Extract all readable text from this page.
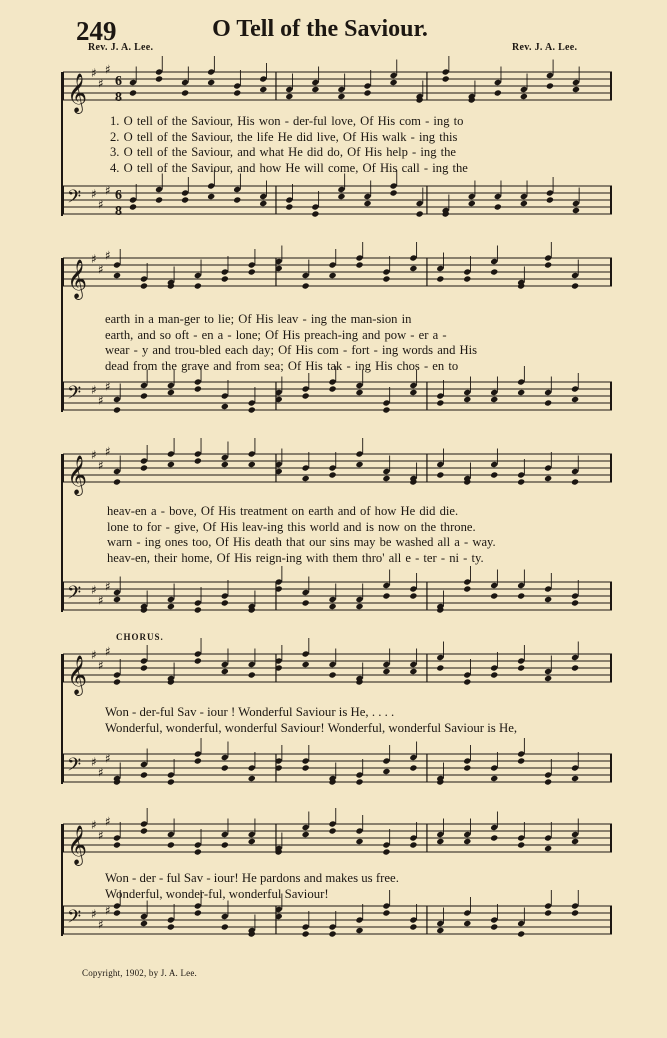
249	O Tell of the Saviour.
Rev. J. A. Lee.	Rev. J. A. Lee.
𝄞 ♯
♯
♯
6
8
1. O tell of the Saviour, His won - der-ful love, Of His com - ing to
2. O tell of the Saviour, the life He did live, Of His walk - ing this
3. O tell of the Saviour, and what He did do, Of His help - ing the
4. O tell of the Saviour, and how He will come, Of His call - ing the
𝄢 ♯
♯
♯ 6
8
𝄞 ♯
♯
♯
earth in a man-ger to lie; Of His leav - ing the man-sion in
earth, and so oft - en a - lone; Of His preach-ing and pow - er a -
wear - y and trou-bled each day; Of His com - fort - ing words and His
dead from the grave and from sea; Of His tak - ing His chos - en to
𝄢 ♯
♯
♯
𝄞 ♯
♯
♯
heav-en a - bove, Of His treatment on earth and of how He did die.
lone to for - give, Of His leav-ing this world and is now on the throne.
warn - ing ones too, Of His death that our sins may be washed all a - way.
heav-en, their home, Of His reign-ing with them thro' all e - ter - ni - ty.
𝄢 ♯
♯
♯
CHORUS.
𝄞 ♯
♯
♯
Won - der-ful Sav - iour ! Wonderful Saviour is He, . . . .
Wonderful, wonderful, wonderful Saviour! Wonderful, wonderful Saviour is He,
𝄢 ♯
♯
♯
𝄞 ♯
♯
♯
Won - der - ful Sav - iour! He pardons and makes us free.
Wonderful, wonder-ful, wonderful Saviour!
𝄢 ♯
♯
♯
Copyright, 1902, by J. A. Lee.
